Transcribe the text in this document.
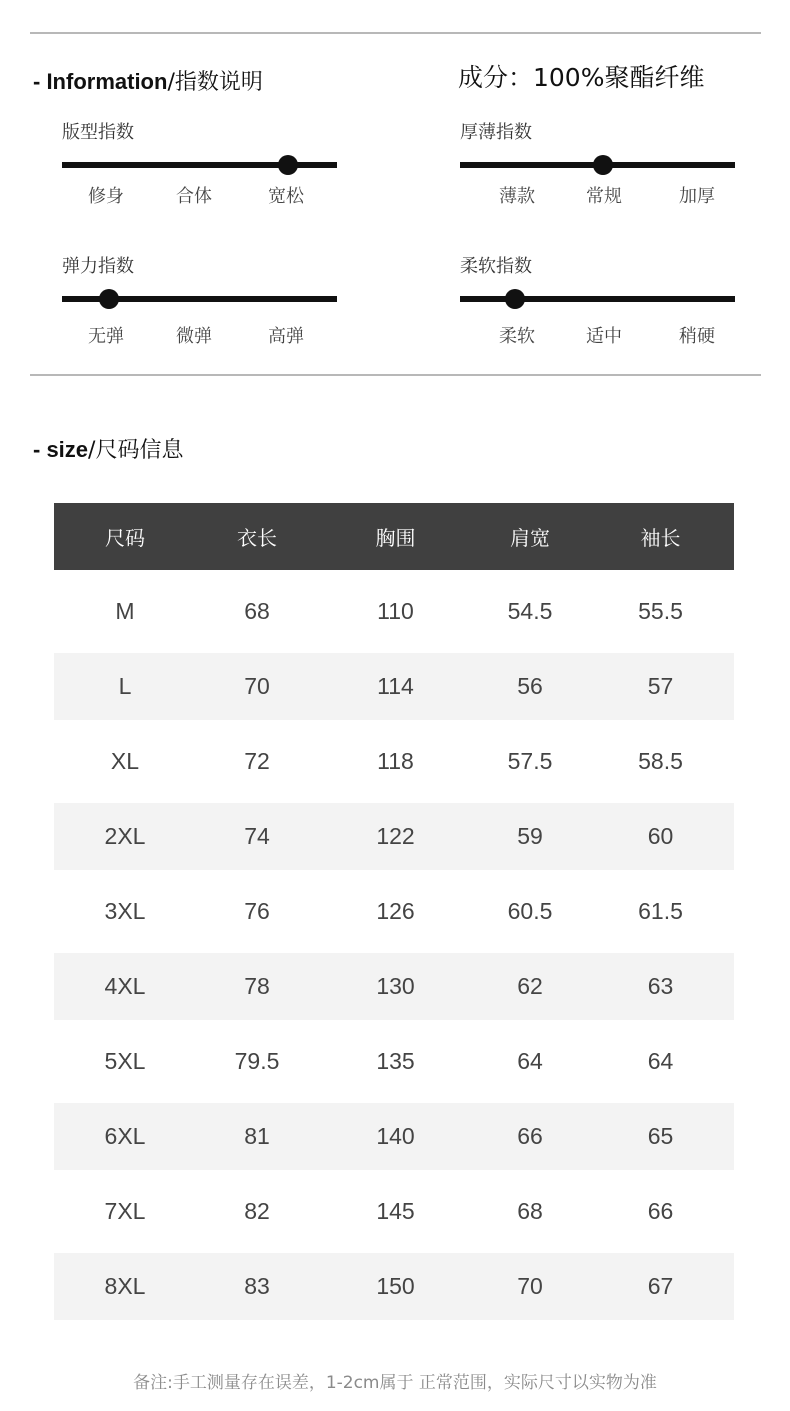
- Information/指数说明	成分：100%聚酯纤维
版型指数
修身	合体	宽松
厚薄指数
薄款	常规	加厚
弹力指数
无弹	微弹	高弹
柔软指数
柔软	适中	稍硬
- size/尺码信息
尺码	衣长	胸围	肩宽	袖长
M	68	110	54.5	55.5
L	70	114	56	57
XL	72	118	57.5	58.5
2XL	74	122	59	60
3XL	76	126	60.5	61.5
4XL	78	130	62	63
5XL	79.5	135	64	64
6XL	81	140	66	65
7XL	82	145	68	66
8XL	83	150	70	67
备注:手工测量存在误差，1-2cm属于 正常范围，实际尺寸以实物为准
